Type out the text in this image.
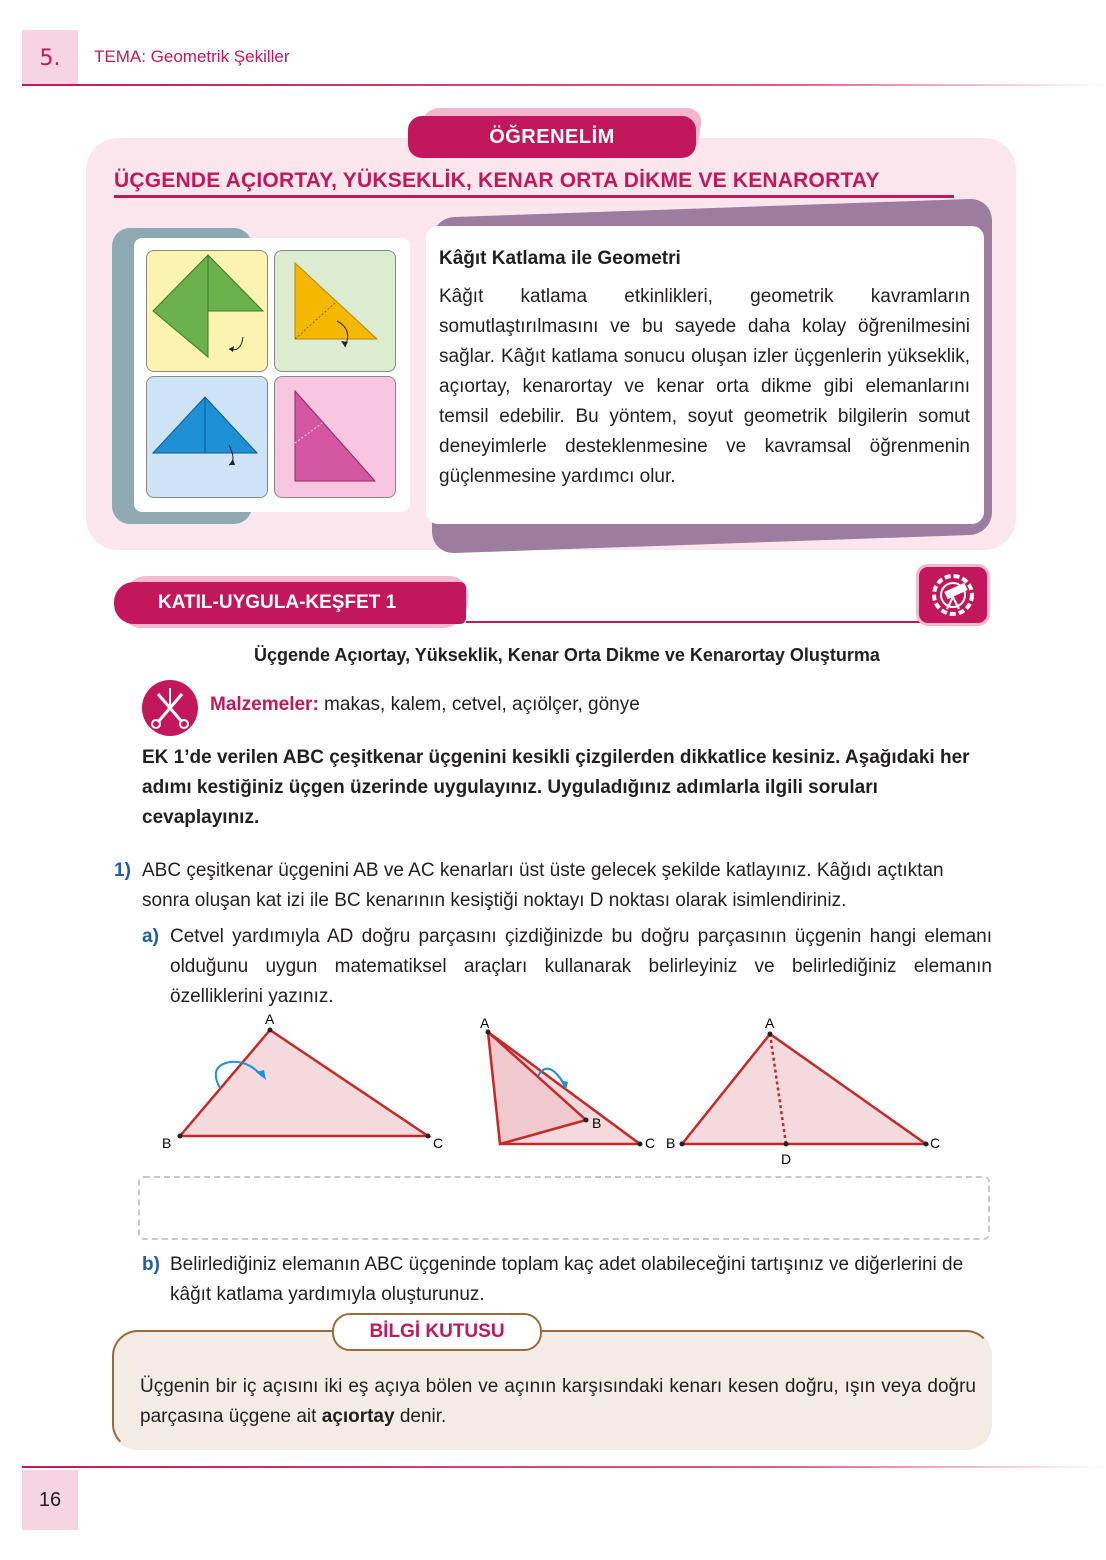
5.	TEMA: Geometrik Şekiller
ÖĞRENELİM
ÜÇGENDE AÇIORTAY, YÜKSEKLİK, KENAR ORTA DİKME VE KENARORTAY
Kâğıt Katlama ile Geometri

Kâğıt katlama etkinlikleri, geometrik kavramların somutlaştırılmasını ve bu sayede daha kolay öğrenilmesini sağlar. Kâğıt katlama sonucu oluşan izler üçgenlerin yükseklik, açıortay, kenarortay ve kenar orta dikme gibi elemanlarını temsil edebilir. Bu yöntem, soyut geometrik bilgilerin somut deneyimlerle desteklenmesine ve kavramsal öğrenmenin güçlenmesine yardımcı olur.

KATIL-UYGULA-KEŞFET 1
Üçgende Açıortay, Yükseklik, Kenar Orta Dikme ve Kenarortay Oluşturma
Malzemeler: makas, kalem, cetvel, açıölçer, gönye
EK 1’de verilen ABC çeşitkenar üçgenini kesikli çizgilerden dikkatlice kesiniz. Aşağıdaki her adımı kestiğiniz üçgen üzerinde uygulayınız. Uyguladığınız adımlarla ilgili soruları cevaplayınız.
1) ABC çeşitkenar üçgenini AB ve AC kenarları üst üste gelecek şekilde katlayınız. Kâğıdı açtıktan sonra oluşan kat izi ile BC kenarının kesiştiği noktayı D noktası olarak isimlendiriniz.
a) Cetvel yardımıyla AD doğru parçasını çizdiğinizde bu doğru parçasının üçgenin hangi elemanı olduğunu uygun matematiksel araçları kullanarak belirleyiniz ve belirlediğiniz elemanın özelliklerini yazınız.
A
B	C
A
B
C
A
B	C
D
b) Belirlediğiniz elemanın ABC üçgeninde toplam kaç adet olabileceğini tartışınız ve diğerlerini de kâğıt katlama yardımıyla oluşturunuz.
BİLGİ KUTUSU
Üçgenin bir iç açısını iki eş açıya bölen ve açının karşısındaki kenarı kesen doğru, ışın veya doğru parçasına üçgene ait açıortay denir.
16
